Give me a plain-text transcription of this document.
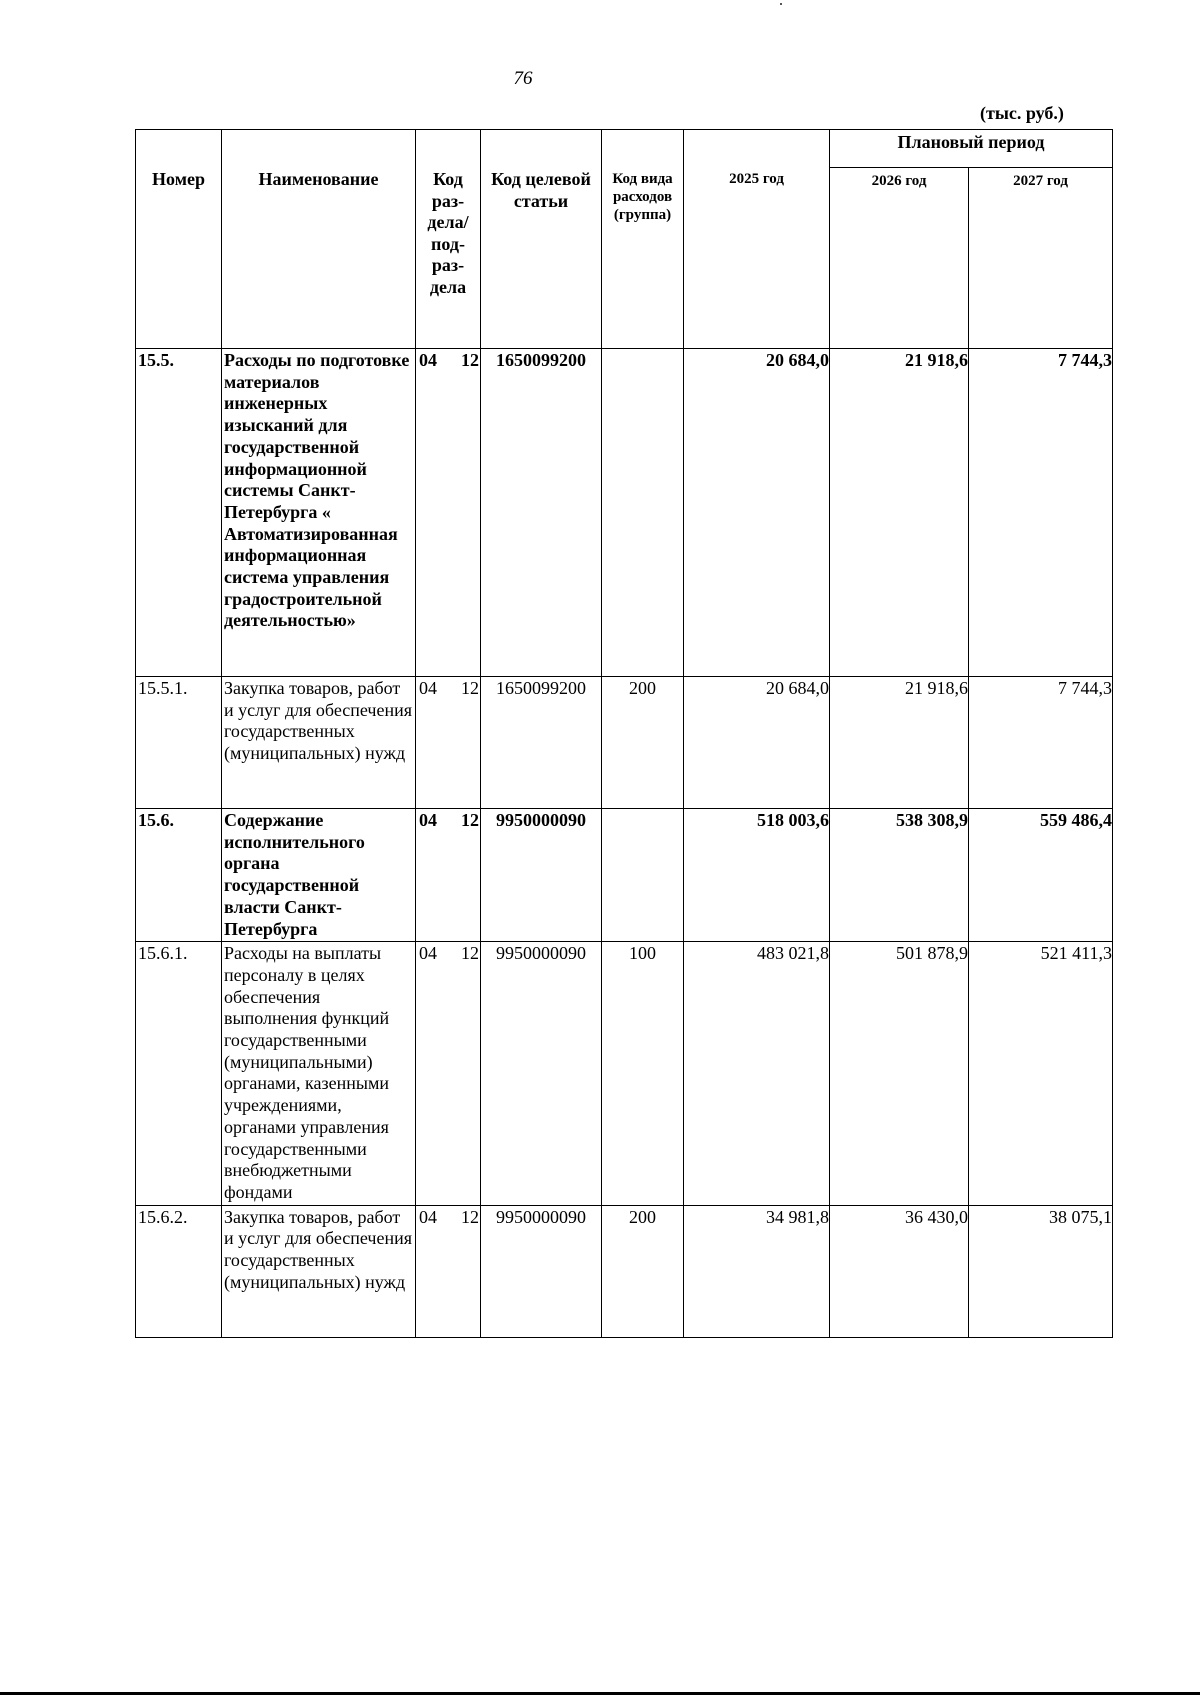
76
(тыс. руб.)
Номер	Наименование	Код раз-дела/ под-раз-дела	Код целевой статьи	Код вида расходов (группа)	2025 год	Плановый период	
						2026 год	2027 год
15.5.	Расходы по подготовке материалов инженерных изысканий для государственной информационной системы Санкт-Петербурга « Автоматизированная информационная система управления градостроительной деятельностью»	04 12	1650099200		20 684,0	21 918,6	7 744,3
15.5.1.	Закупка товаров, работ и услуг для обеспечения государственных (муниципальных) нужд	04 12	1650099200	200	20 684,0	21 918,6	7 744,3
15.6.	Содержание исполнительного органа государственной власти Санкт-Петербурга	04 12	9950000090		518 003,6	538 308,9	559 486,4
15.6.1.	Расходы на выплаты персоналу в целях обеспечения выполнения функций государственными (муниципальными) органами, казенными учреждениями, органами управления государственными внебюджетными фондами	04 12	9950000090	100	483 021,8	501 878,9	521 411,3
15.6.2.	Закупка товаров, работ и услуг для обеспечения государственных (муниципальных) нужд	04 12	9950000090	200	34 981,8	36 430,0	38 075,1
